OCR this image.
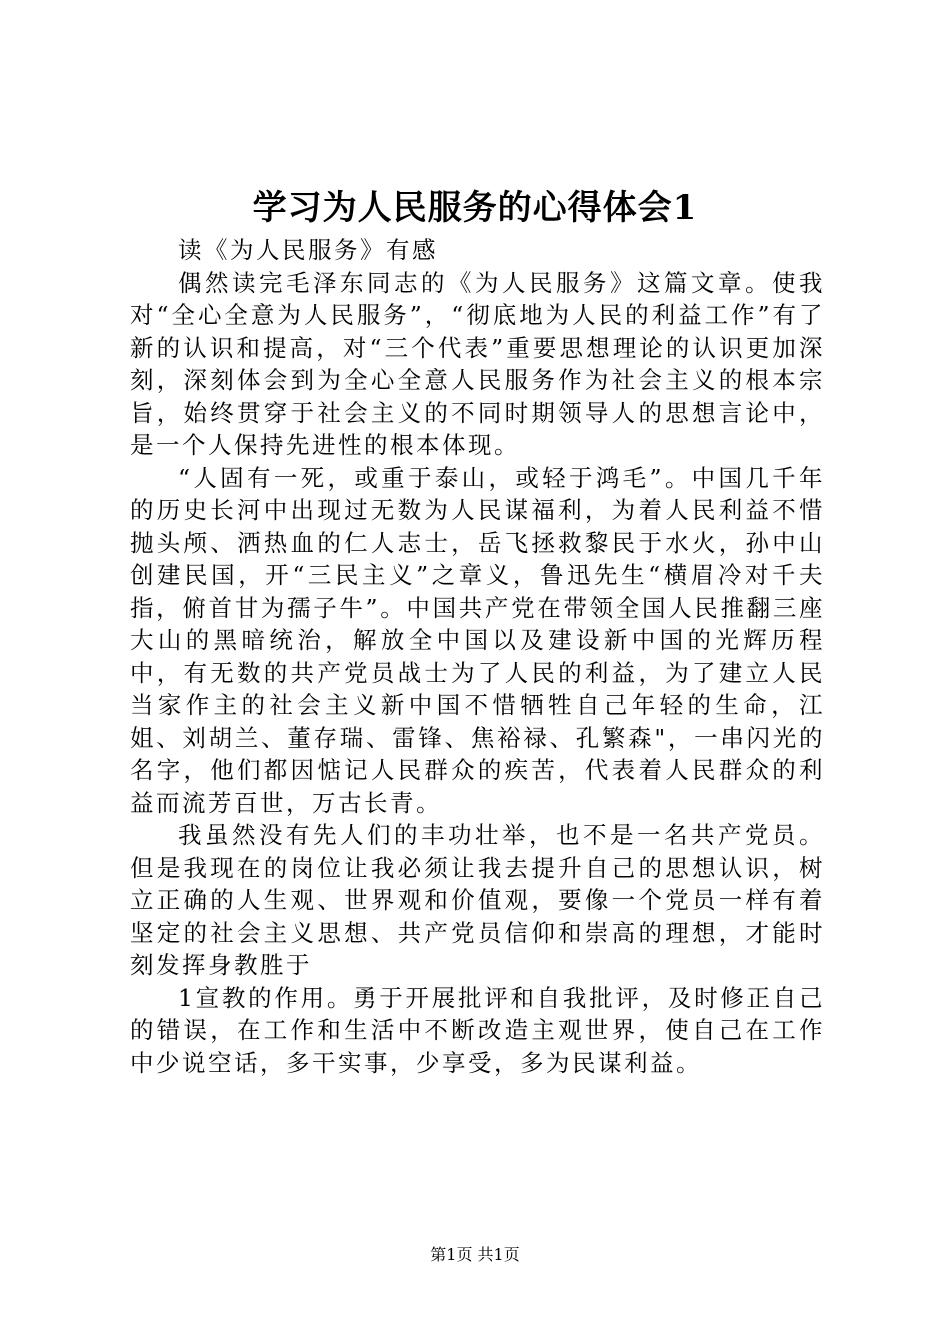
学习为人民服务的心得体会1

读《为人民服务》有感

偶然读完毛泽东同志的《为人民服务》这篇文章。使我对“全心全意为人民服务”，“彻底地为人民的利益工作”有了新的认识和提高，对“三个代表”重要思想理论的认识更加深刻，深刻体会到为全心全意人民服务作为社会主义的根本宗旨，始终贯穿于社会主义的不同时期领导人的思想言论中，是一个人保持先进性的根本体现。

“人固有一死，或重于泰山，或轻于鸿毛”。中国几千年的历史长河中出现过无数为人民谋福利，为着人民利益不惜抛头颅、洒热血的仁人志士，岳飞拯救黎民于水火，孙中山创建民国，开“三民主义”之章义，鲁迅先生“横眉冷对千夫指，俯首甘为孺子牛”。中国共产党在带领全国人民推翻三座大山的黑暗统治，解放全中国以及建设新中国的光辉历程中，有无数的共产党员战士为了人民的利益，为了建立人民当家作主的社会主义新中国不惜牺牲自己年轻的生命，江姐、刘胡兰、董存瑞、雷锋、焦裕禄、孔繁森"，一串闪光的名字，他们都因惦记人民群众的疾苦，代表着人民群众的利益而流芳百世，万古长青。

我虽然没有先人们的丰功壮举，也不是一名共产党员。但是我现在的岗位让我必须让我去提升自己的思想认识，树立正确的人生观、世界观和价值观，要像一个党员一样有着坚定的社会主义思想、共产党员信仰和崇高的理想，才能时刻发挥身教胜于

1宣教的作用。勇于开展批评和自我批评，及时修正自己的错误，在工作和生活中不断改造主观世界，使自己在工作中少说空话，多干实事，少享受，多为民谋利益。

第1页 共1页
